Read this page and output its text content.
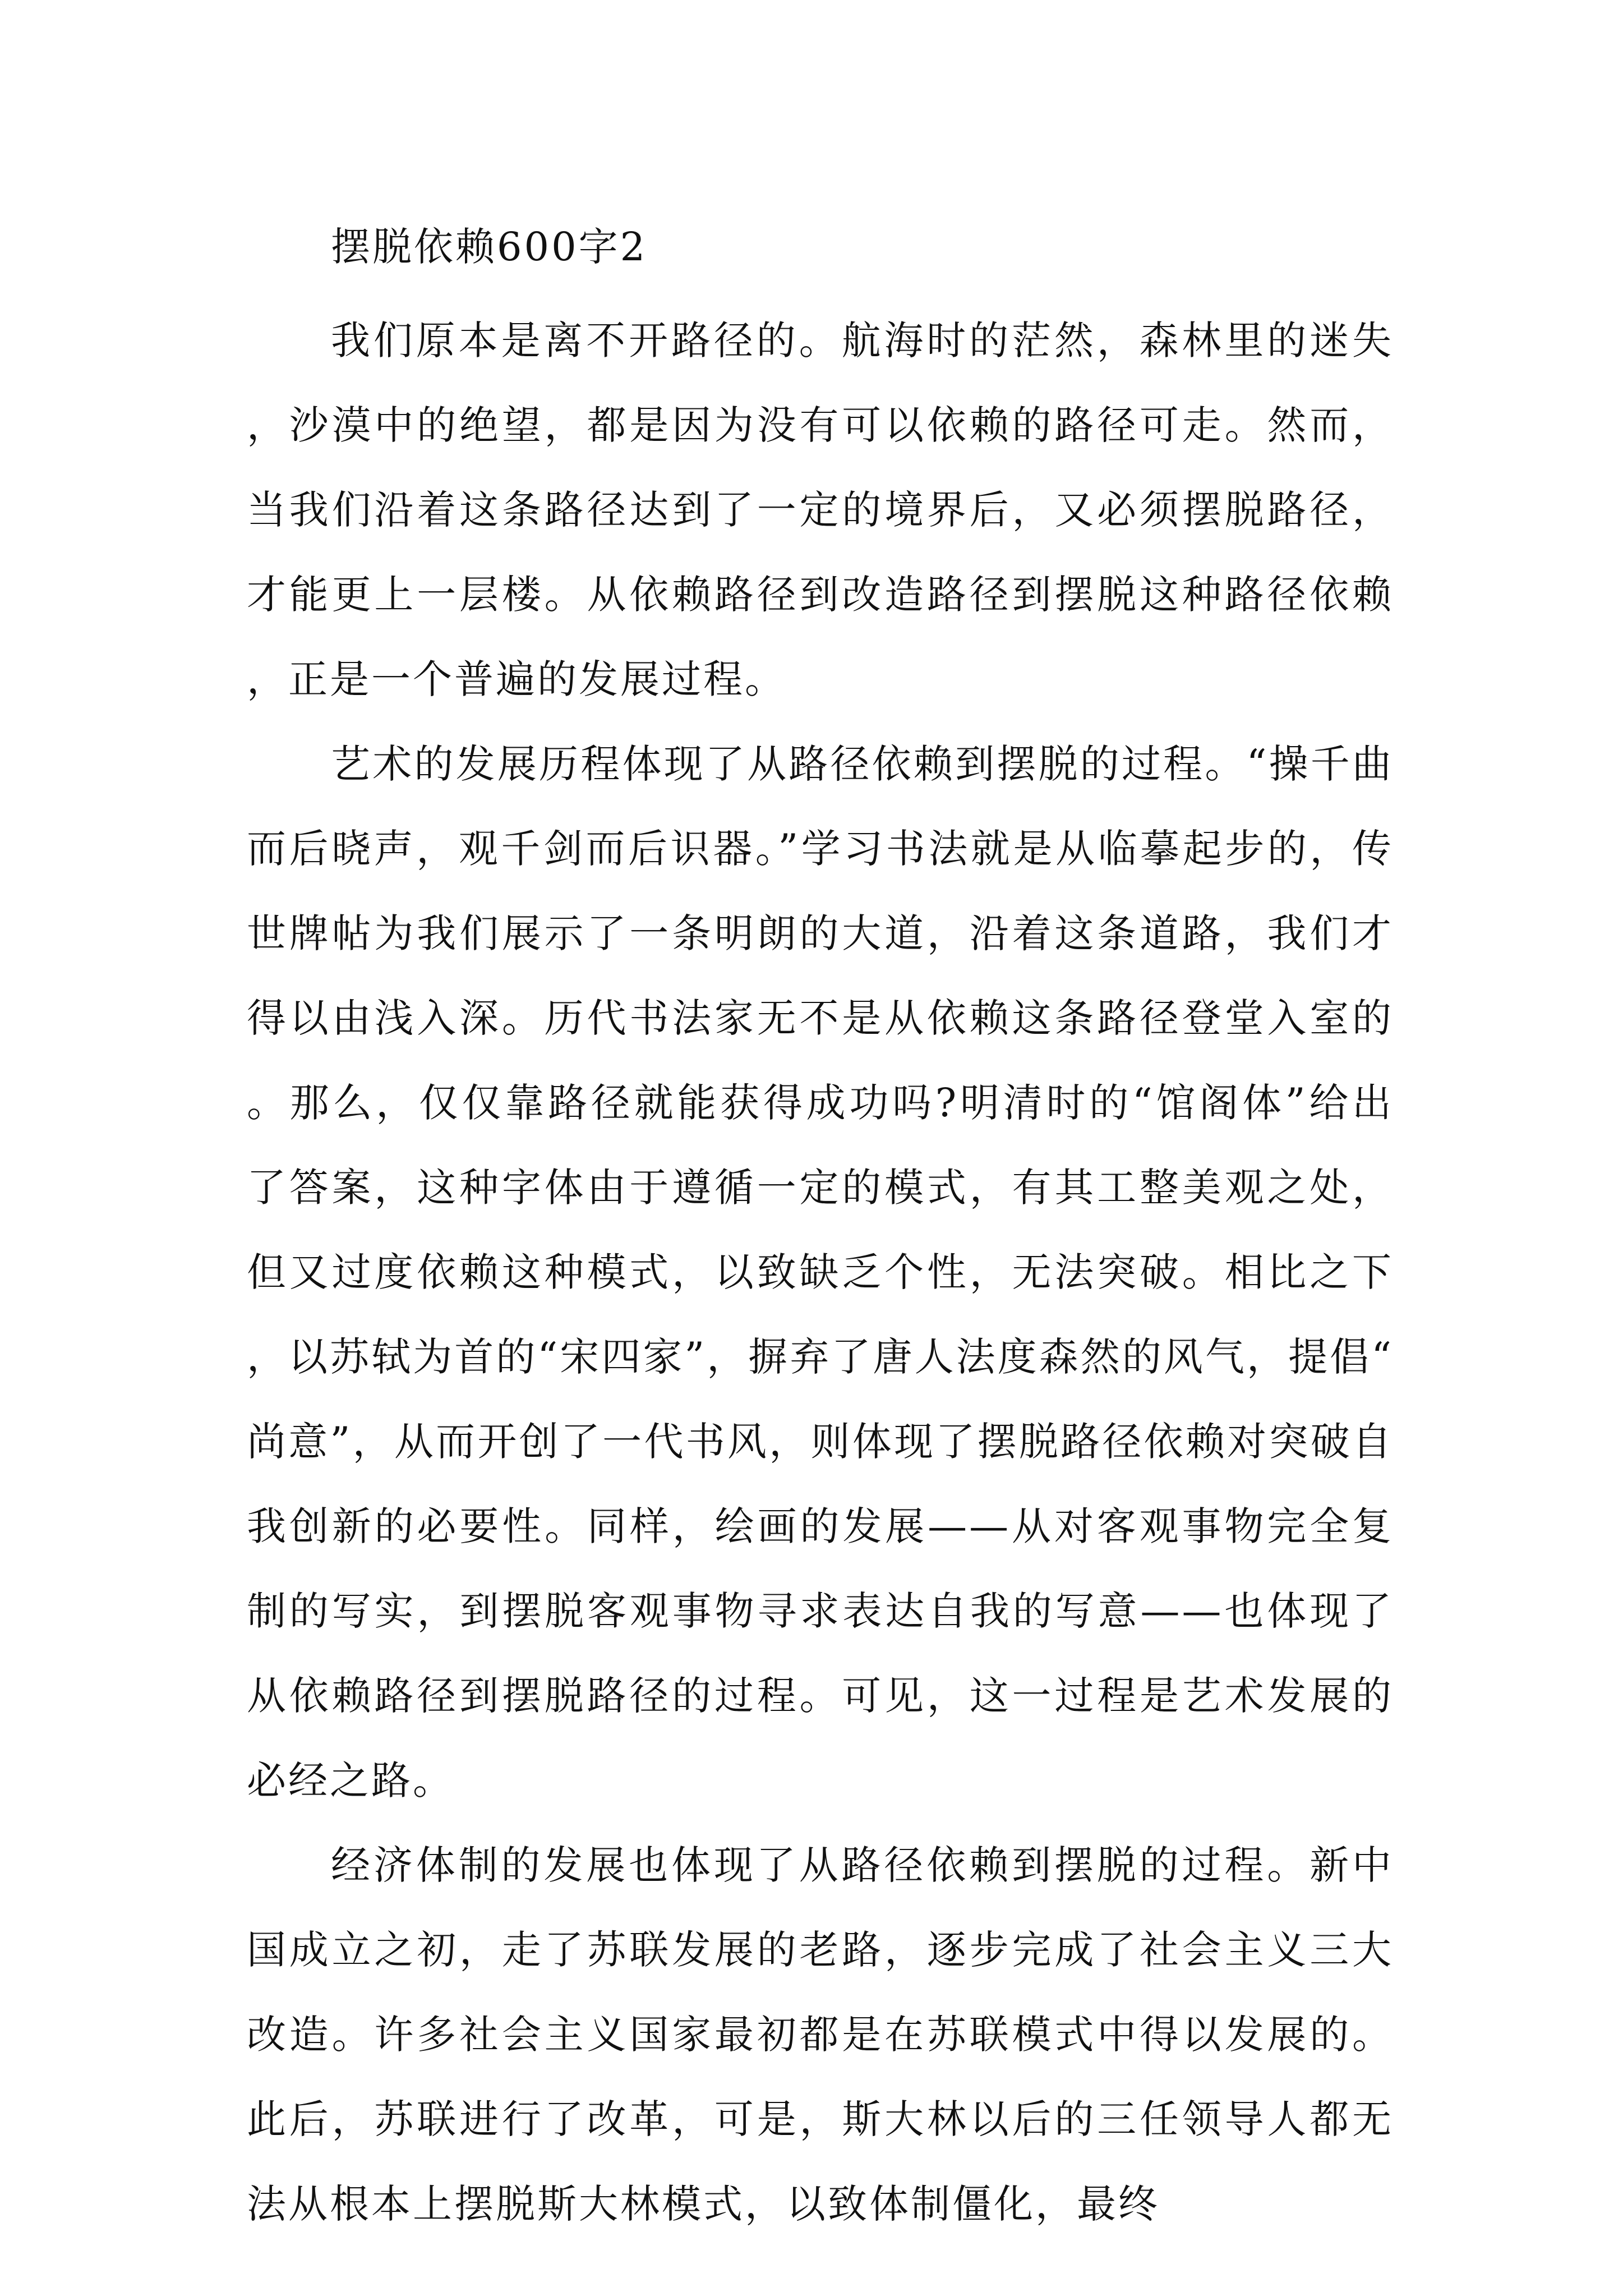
摆脱依赖600字2

我们原本是离不开路径的。航海时的茫然，森林里的迷失，沙漠中的绝望，都是因为没有可以依赖的路径可走。然而，当我们沿着这条路径达到了一定的境界后，又必须摆脱路径，才能更上一层楼。从依赖路径到改造路径到摆脱这种路径依赖，正是一个普遍的发展过程。

艺术的发展历程体现了从路径依赖到摆脱的过程。“操千曲而后晓声，观千剑而后识器。”学习书法就是从临摹起步的，传世牌帖为我们展示了一条明朗的大道，沿着这条道路，我们才得以由浅入深。历代书法家无不是从依赖这条路径登堂入室的。那么，仅仅靠路径就能获得成功吗?明清时的“馆阁体”给出了答案，这种字体由于遵循一定的模式，有其工整美观之处，但又过度依赖这种模式，以致缺乏个性，无法突破。相比之下，以苏轼为首的“宋四家”，摒弃了唐人法度森然的风气，提倡“尚意”，从而开创了一代书风，则体现了摆脱路径依赖对突破自我创新的必要性。同样，绘画的发展——从对客观事物完全复制的写实，到摆脱客观事物寻求表达自我的写意——也体现了从依赖路径到摆脱路径的过程。可见，这一过程是艺术发展的必经之路。

经济体制的发展也体现了从路径依赖到摆脱的过程。新中国成立之初，走了苏联发展的老路，逐步完成了社会主义三大改造。许多社会主义国家最初都是在苏联模式中得以发展的。此后，苏联进行了改革，可是，斯大林以后的三任领导人都无法从根本上摆脱斯大林模式，以致体制僵化，最终
